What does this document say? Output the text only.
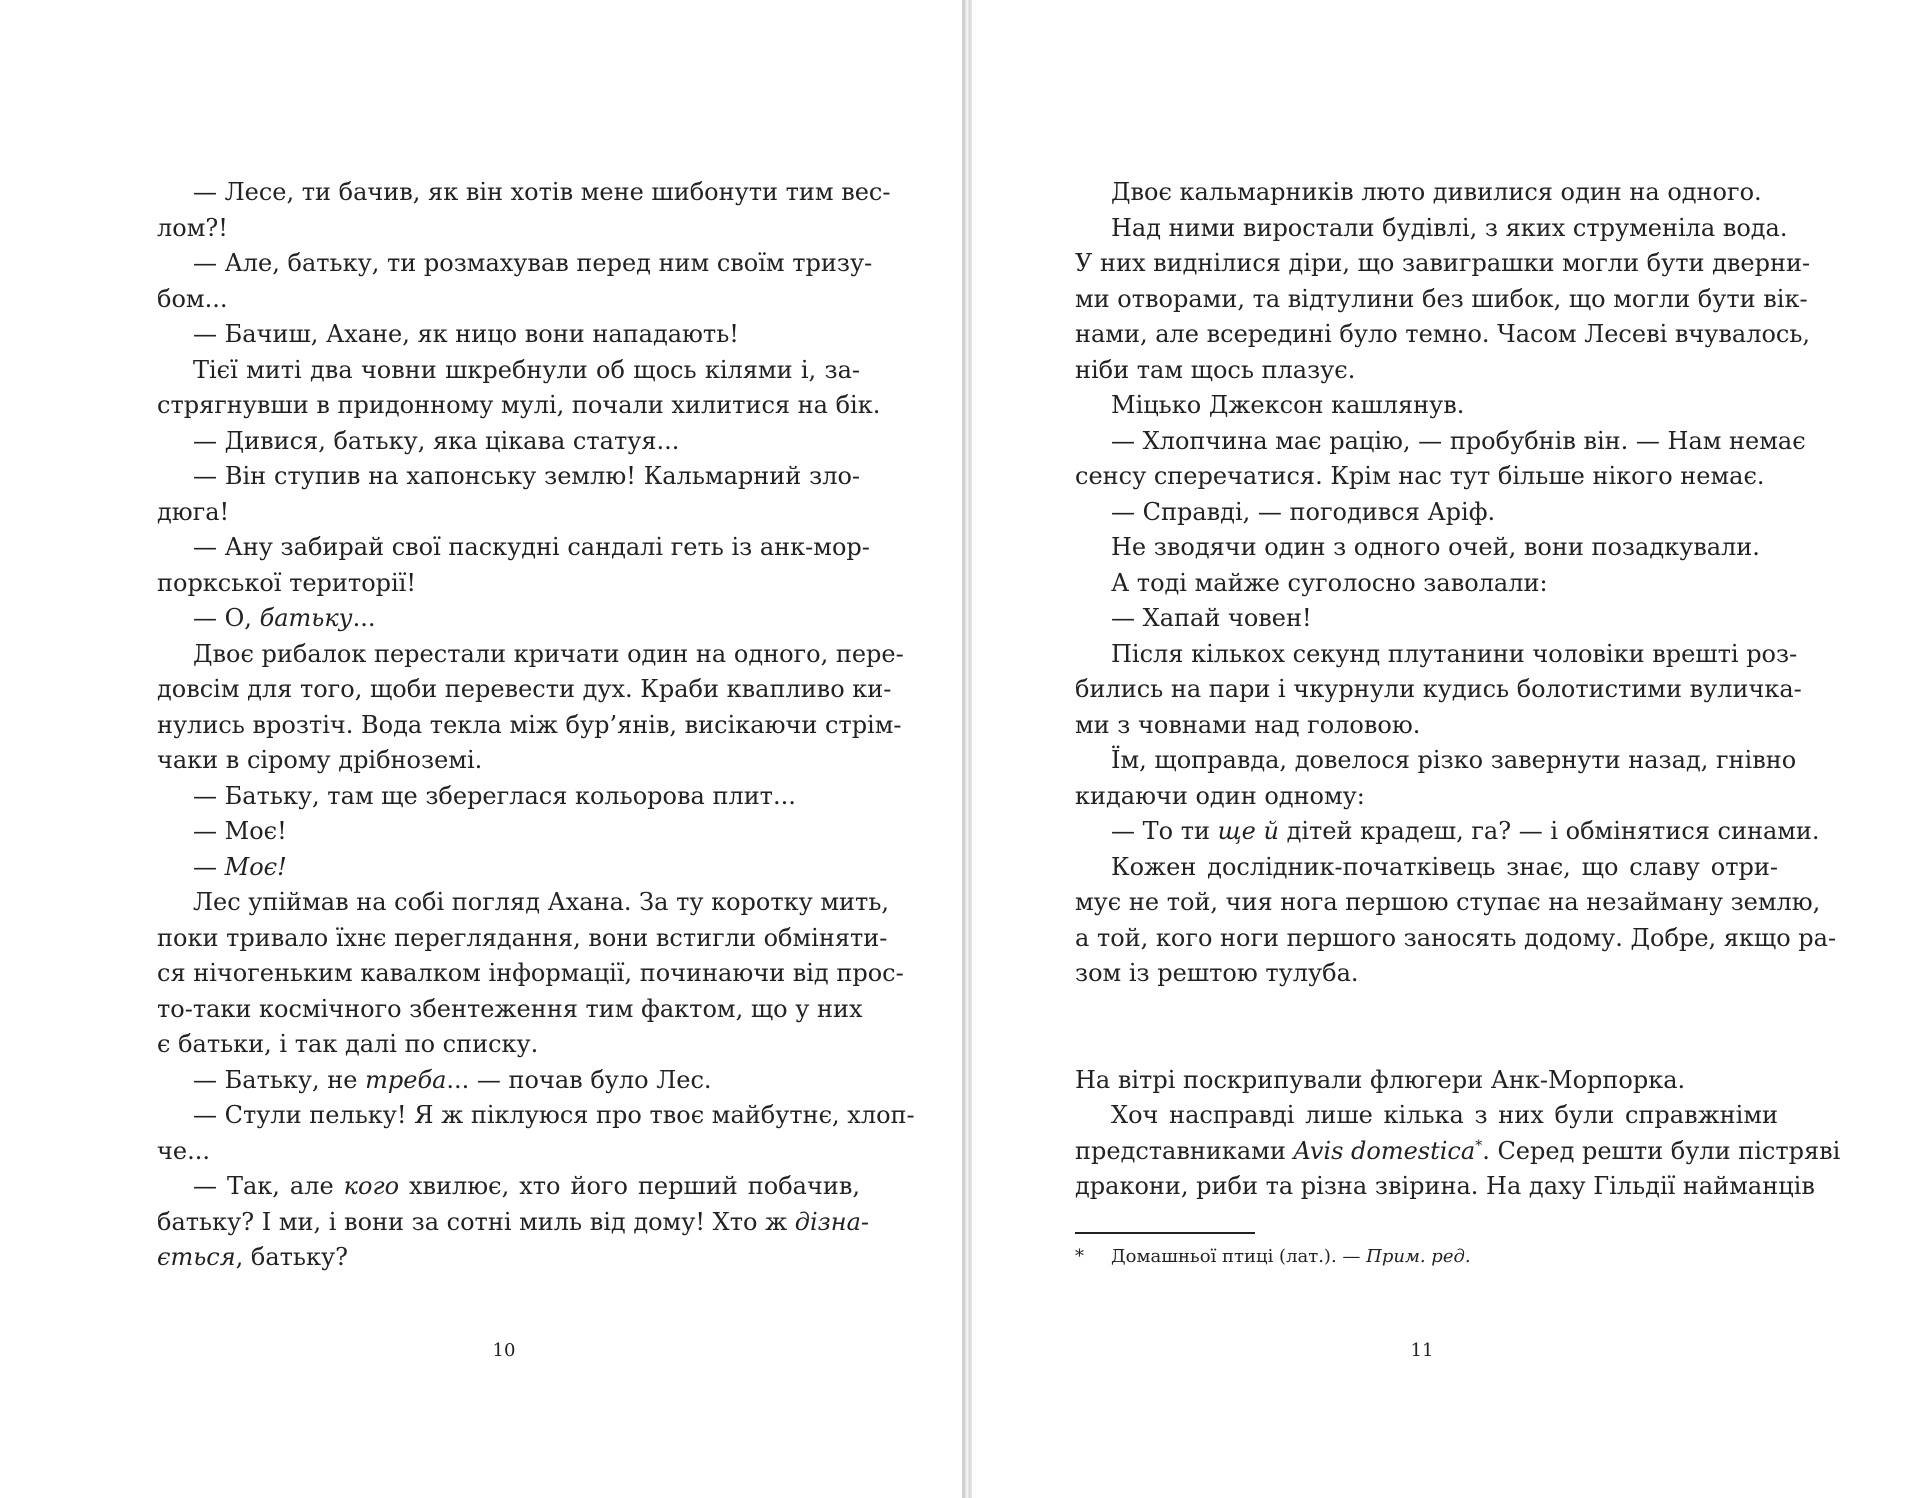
— Лесе, ти бачив, як він хотів мене шибонути тим вес-
лом?!
— Але, батьку, ти розмахував перед ним своїм тризу-
бом...
— Бачиш, Ахане, як ницо вони нападають!
Тієї миті два човни шкребнули об щось кілями і, за-
стрягнувши в придонному мулі, почали хилитися на бік.
— Дивися, батьку, яка цікава статуя...
— Він ступив на хапонську землю! Кальмарний зло-
дюга!
— Ану забирай свої паскудні сандалі геть із анк-мор-
поркської території!
— О, батьку...
Двоє рибалок перестали кричати один на одного, пере-
довсім для того, щоби перевести дух. Краби квапливо ки-
нулись врозтіч. Вода текла між бур’янів, висікаючи стрім-
чаки в сірому дрібноземі.
— Батьку, там ще збереглася кольорова плит...
— Моє!
— Моє!
Лес упіймав на собі погляд Ахана. За ту коротку мить,
поки тривало їхнє переглядання, вони встигли обміняти-
ся нічогеньким кавалком інформації, починаючи від прос-
то-таки космічного збентеження тим фактом, що у них
є батьки, і так далі по списку.
— Батьку, не треба... — почав було Лес.
— Стули пельку! Я ж піклуюся про твоє майбутнє, хлоп-
че...
— Так, але кого хвилює, хто його перший побачив,
батьку? І ми, і вони за сотні миль від дому! Хто ж дізна-
ється, батьку?
10
Двоє кальмарників люто дивилися один на одного.
Над ними виростали будівлі, з яких струменіла вода.
У них виднілися діри, що завиграшки могли бути дверни-
ми отворами, та відтулини без шибок, що могли бути вік-
нами, але всередині було темно. Часом Лесеві вчувалось,
ніби там щось плазує.
Міцько Джексон кашлянув.
— Хлопчина має рацію, — пробубнів він. — Нам немає
сенсу сперечатися. Крім нас тут більше нікого немає.
— Справді, — погодився Аріф.
Не зводячи один з одного очей, вони позадкували.
А тоді майже суголосно заволали:
— Хапай човен!
Після кількох секунд плутанини чоловіки врешті роз-
бились на пари і чкурнули кудись болотистими вуличка-
ми з човнами над головою.
Їм, щоправда, довелося різко завернути назад, гнівно
кидаючи один одному:
— То ти ще й дітей крадеш, га? — і обмінятися синами.
Кожен дослідник-початківець знає, що славу отри-
мує не той, чия нога першою ступає на незайману землю,
а той, кого ноги першого заносять додому. Добре, якщо ра-
зом із рештою тулуба.
На вітрі поскрипували флюгери Анк-Морпорка.
Хоч насправді лише кілька з них були справжніми
представниками Avis domestica*. Серед решти були пістряві
дракони, риби та різна звірина. На даху Гільдії найманців
* Домашньої птиці (лат.). — Прим. ред.
11
